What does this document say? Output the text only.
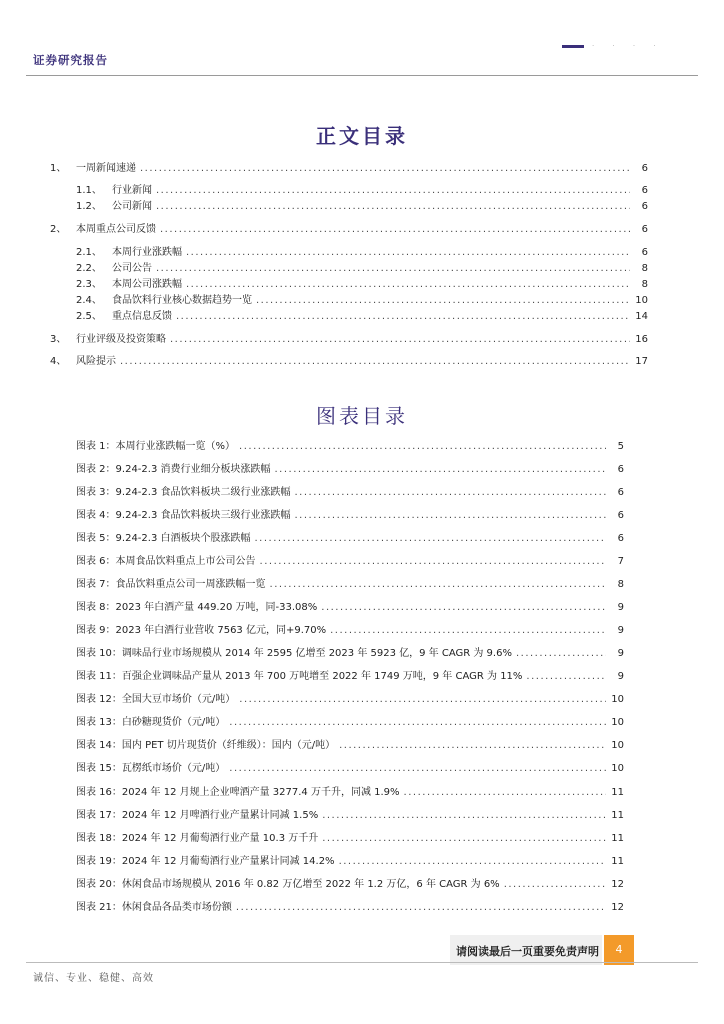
证券研究报告
· · · ·
正文目录
1、 一周新闻速递 .....	6
1.1、	行业新闻 .....	6
1.2、	公司新闻 .....	6
2、 本周重点公司反馈 .....	6
2.1、	本周行业涨跌幅 .....	6
2.2、	公司公告 .....	8
2.3、	本周公司涨跌幅 .....	8
2.4、	食品饮料行业核心数据趋势一览 .....	10
2.5、	重点信息反馈 .....	14
3、 行业评级及投资策略 .....	16
4、 风险提示 .....	17
图表目录
图表 1：本周行业涨跌幅一览（%） .....	5
图表 2：9.24-2.3 消费行业细分板块涨跌幅 .....	6
图表 3：9.24-2.3 食品饮料板块二级行业涨跌幅 .....	6
图表 4：9.24-2.3 食品饮料板块三级行业涨跌幅 .....	6
图表 5：9.24-2.3 白酒板块个股涨跌幅 .....	6
图表 6：本周食品饮料重点上市公司公告 .....	7
图表 7：食品饮料重点公司一周涨跌幅一览 .....	8
图表 8：2023 年白酒产量 449.20 万吨，同-33.08% .....	9
图表 9：2023 年白酒行业营收 7563 亿元，同+9.70% .....	9
图表 10：调味品行业市场规模从 2014 年 2595 亿增至 2023 年 5923 亿，9 年 CAGR 为 9.6% .....	9
图表 11：百强企业调味品产量从 2013 年 700 万吨增至 2022 年 1749 万吨，9 年 CAGR 为 11% .....	9
图表 12：全国大豆市场价（元/吨） .....	10
图表 13：白砂糖现货价（元/吨） .....	10
图表 14：国内 PET 切片现货价（纤维级）：国内（元/吨） .....	10
图表 15：瓦楞纸市场价（元/吨） .....	10
图表 16：2024 年 12 月规上企业啤酒产量 3277.4 万千升，同减 1.9% .....	11
图表 17：2024 年 12 月啤酒行业产量累计同减 1.5% .....	11
图表 18：2024 年 12 月葡萄酒行业产量 10.3 万千升 .....	11
图表 19：2024 年 12 月葡萄酒行业产量累计同减 14.2% .....	11
图表 20：休闲食品市场规模从 2016 年 0.82 万亿增至 2022 年 1.2 万亿，6 年 CAGR 为 6% .....	12
图表 21：休闲食品各品类市场份额 .....	12
请阅读最后一页重要免责声明	4
诚信、专业、稳健、高效
